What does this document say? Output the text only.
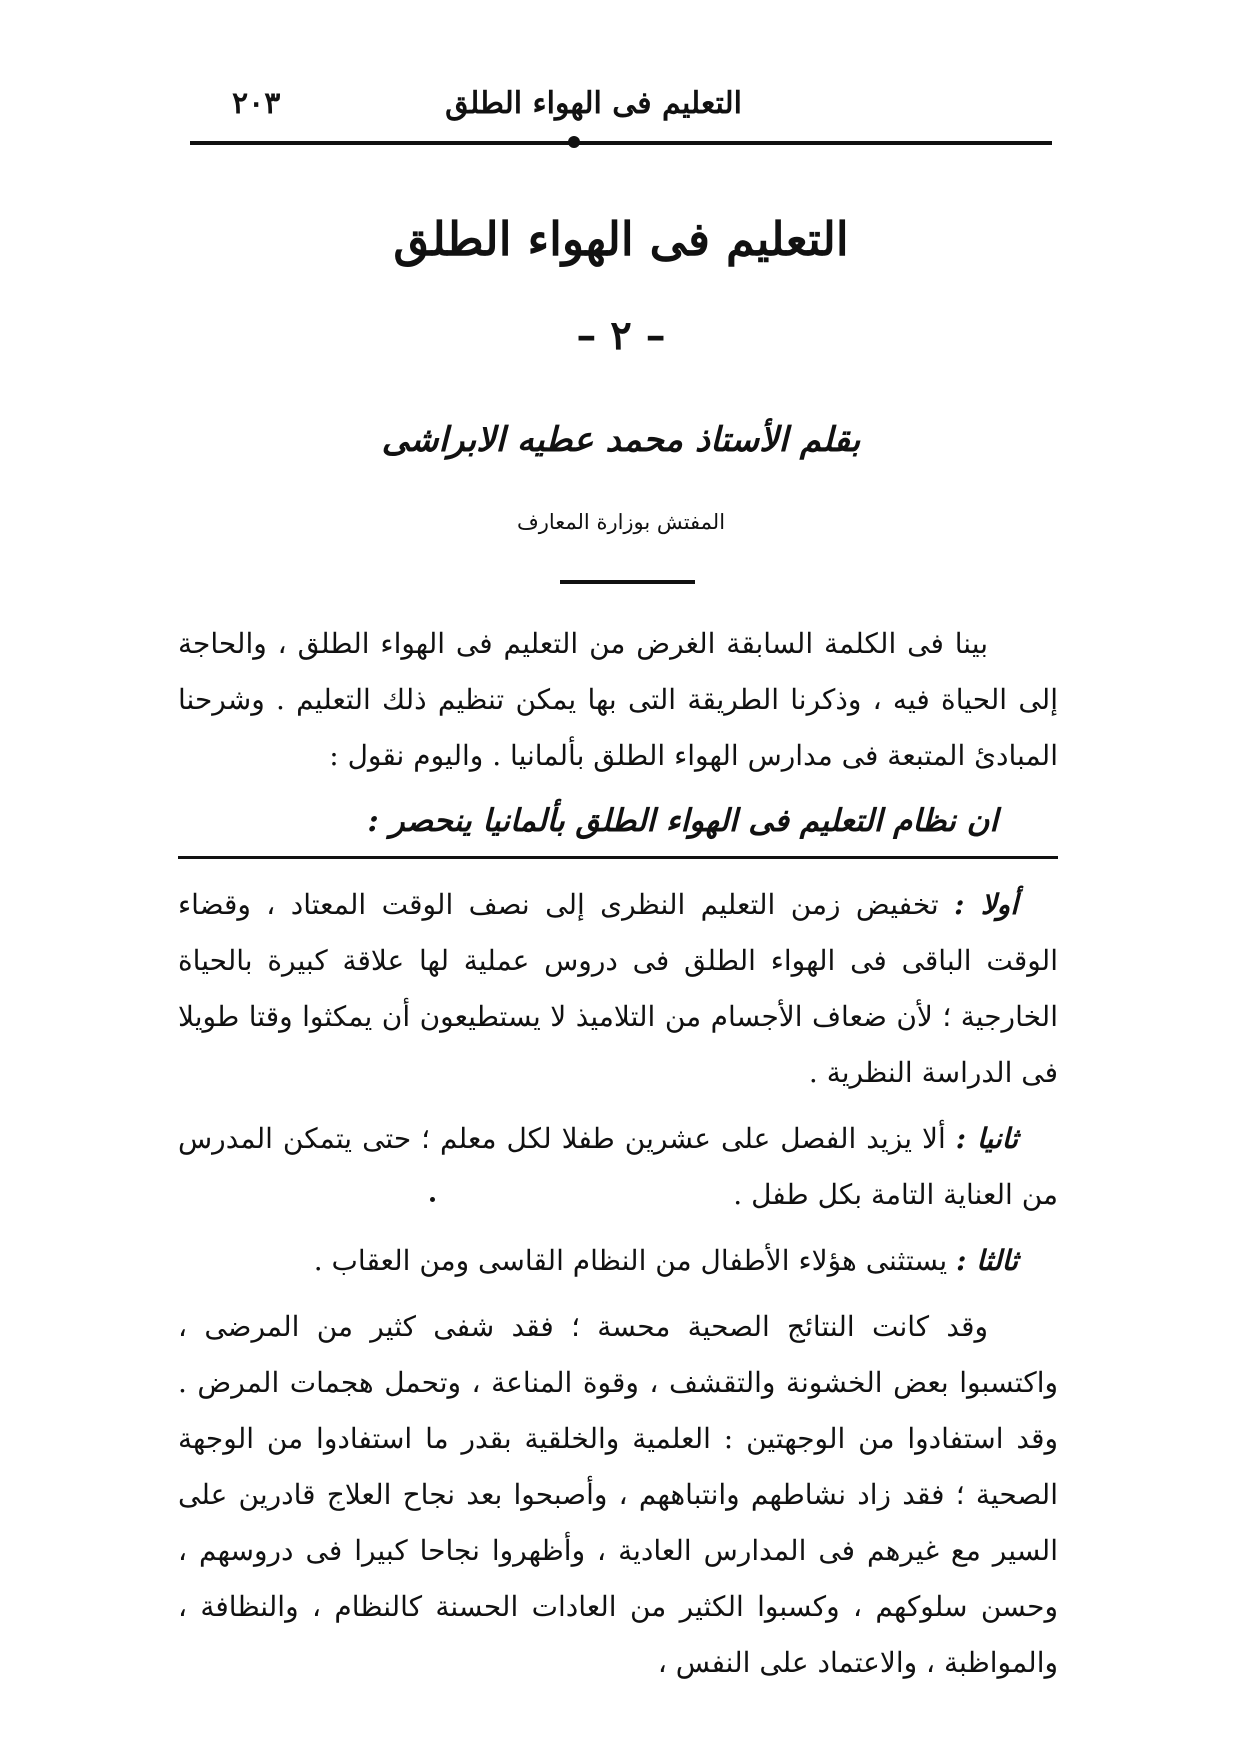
التعليم فى الهواء الطلق
٢٠٣
التعليم فى الهواء الطلق
– ٢ –
بقلم الأستاذ محمد عطيه الابراشى
المفتش بوزارة المعارف

بينا فى الكلمة السابقة الغرض من التعليم فى الهواء الطلق ، والحاجة إلى الحياة فيه ، وذكرنا الطريقة التى بها يمكن تنظيم ذلك التعليم . وشرحنا المبادئ المتبعة فى مدارس الهواء الطلق بألمانيا . واليوم نقول :

ان نظام التعليم فى الهواء الطلق بألمانيا ينحصر :

أولا : تخفيض زمن التعليم النظرى إلى نصف الوقت المعتاد ، وقضاء الوقت الباقى فى الهواء الطلق فى دروس عملية لها علاقة كبيرة بالحياة الخارجية ؛ لأن ضعاف الأجسام من التلاميذ لا يستطيعون أن يمكثوا وقتا طويلا فى الدراسة النظرية .

ثانيا : ألا يزيد الفصل على عشرين طفلا لكل معلم ؛ حتى يتمكن المدرس من العناية التامة بكل طفل .

ثالثا : يستثنى هؤلاء الأطفال من النظام القاسى ومن العقاب .

وقد كانت النتائج الصحية محسة ؛ فقد شفى كثير من المرضى ، واكتسبوا بعض الخشونة والتقشف ، وقوة المناعة ، وتحمل هجمات المرض . وقد استفادوا من الوجهتين : العلمية والخلقية بقدر ما استفادوا من الوجهة الصحية ؛ فقد زاد نشاطهم وانتباههم ، وأصبحوا بعد نجاح العلاج قادرين على السير مع غيرهم فى المدارس العادية ، وأظهروا نجاحا كبيرا فى دروسهم ، وحسن سلوكهم ، وكسبوا الكثير من العادات الحسنة كالنظام ، والنظافة ، والمواظبة ، والاعتماد على النفس ،
